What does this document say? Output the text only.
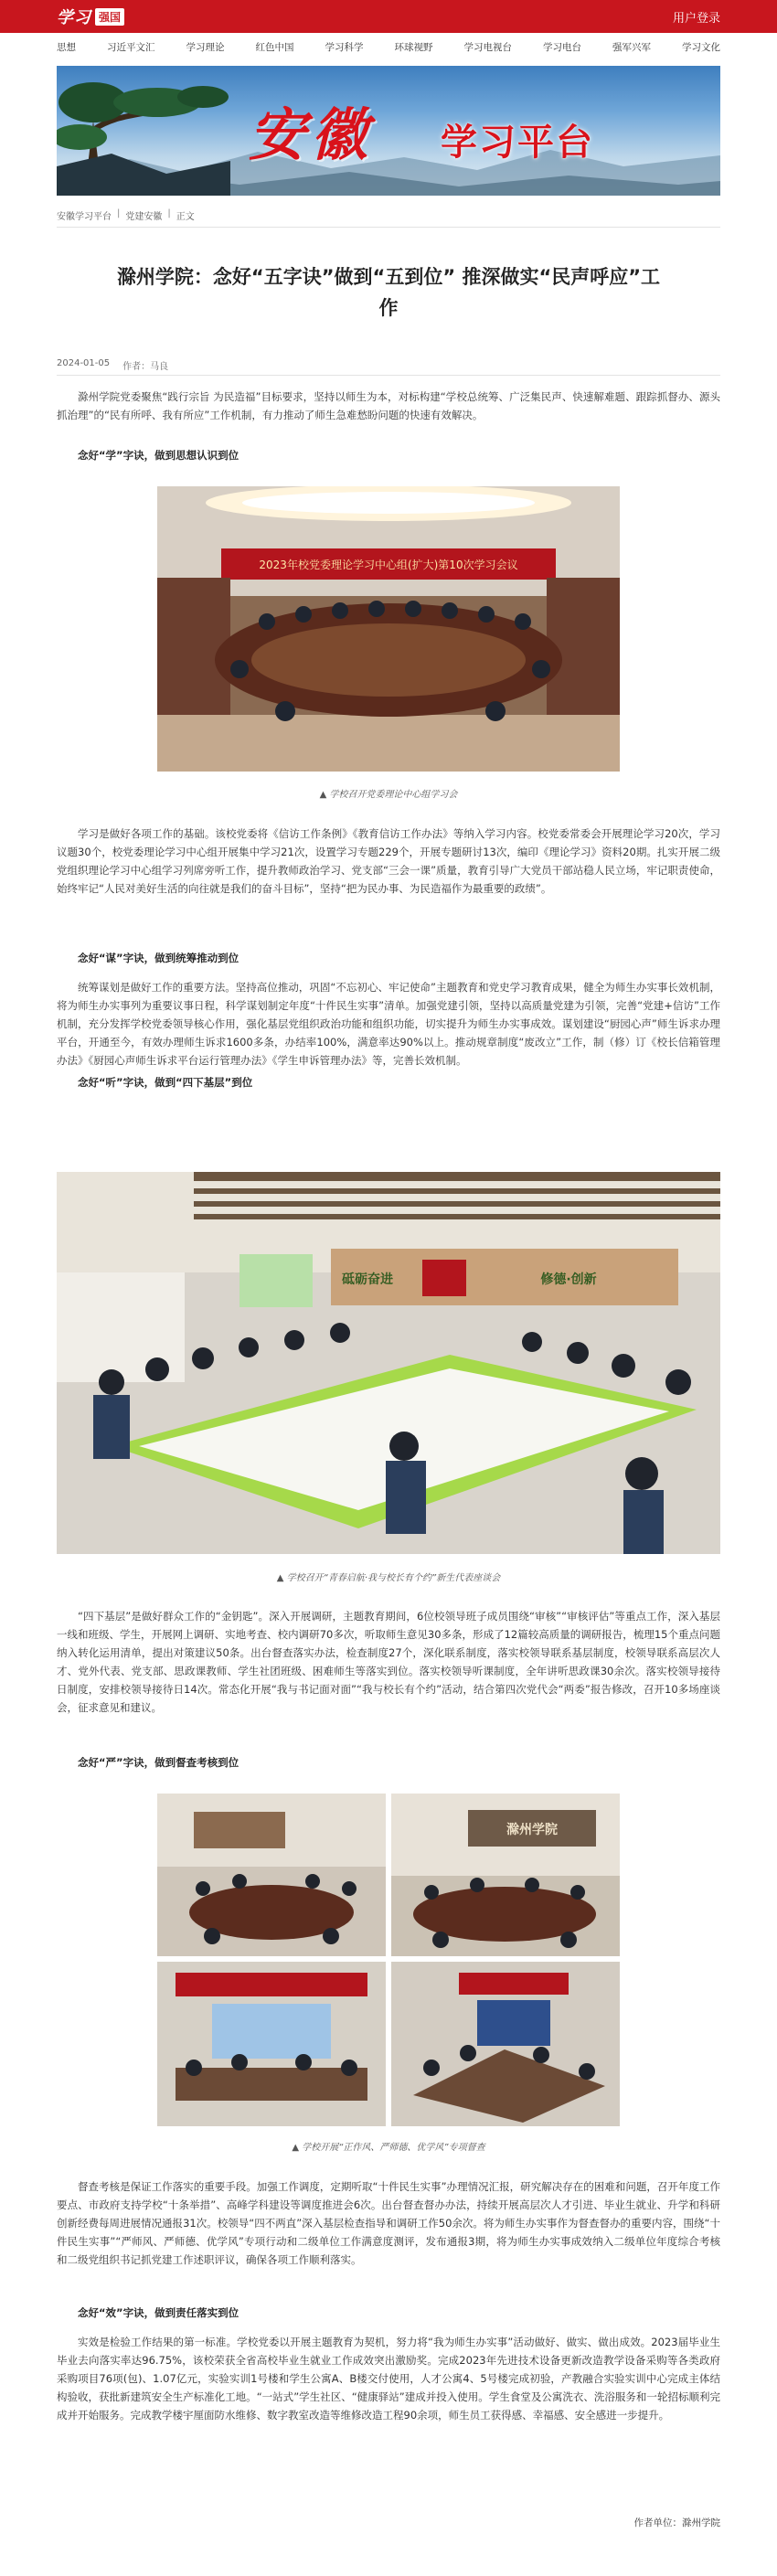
学习 强国	用户登录
思想	习近平文汇	学习理论	红色中国	学习科学	环球视野	学习电视台	学习电台	强军兴军	学习文化
安徽 学习平台
安徽学习平台 | 党建安徽 | 正文
滁州学院：念好“五字诀”做到“五到位” 推深做实“民声呼应”工作
2024-01-05 作者：马良

滁州学院党委聚焦“践行宗旨 为民造福”目标要求，坚持以师生为本，对标构建“学校总统筹、广泛集民声、快速解难题、跟踪抓督办、源头抓治理”的“民有所呼、我有所应”工作机制，有力推动了师生急难愁盼问题的快速有效解决。

念好“学”字诀，做到思想认识到位
2023年校党委理论学习中心组(扩大)第10次学习会议
▲ 学校召开党委理论中心组学习会

学习是做好各项工作的基础。该校党委将《信访工作条例》《教育信访工作办法》等纳入学习内容。校党委常委会开展理论学习20次，学习议题30个，校党委理论学习中心组开展集中学习21次，设置学习专题229个，开展专题研讨13次，编印《理论学习》资料20期。扎实开展二级党组织理论学习中心组学习列席旁听工作，提升教师政治学习、党支部“三会一课”质量，教育引导广大党员干部站稳人民立场，牢记职责使命，始终牢记“人民对美好生活的向往就是我们的奋斗目标”，坚持“把为民办事、为民造福作为最重要的政绩”。

念好“谋”字诀，做到统筹推动到位

统筹谋划是做好工作的重要方法。坚持高位推动，巩固“不忘初心、牢记使命”主题教育和党史学习教育成果，健全为师生办实事长效机制，将为师生办实事列为重要议事日程，科学谋划制定年度“十件民生实事”清单。加强党建引领，坚持以高质量党建为引领，完善“党建+信访”工作机制，充分发挥学校党委领导核心作用，强化基层党组织政治功能和组织功能，切实提升为师生办实事成效。谋划建设“厨园心声”师生诉求办理平台，开通至今，有效办理师生诉求1600多条，办结率100%，满意率达90%以上。推动规章制度“废改立”工作，制（修）订《校长信箱管理办法》《厨园心声师生诉求平台运行管理办法》《学生申诉管理办法》等，完善长效机制。

念好“听”字诀，做到“四下基层”到位
砥砺奋进	修德·创新
▲ 学校召开“青春启航·我与校长有个约”新生代表座谈会

“四下基层”是做好群众工作的“金钥匙”。深入开展调研，主题教育期间，6位校领导班子成员围绕“审核”“审核评估”等重点工作，深入基层一线和班级、学生，开展网上调研、实地考查、校内调研70多次，听取师生意见30多条，形成了12篇较高质量的调研报告，梳理15个重点问题纳入转化运用清单，提出对策建议50条。出台督查落实办法，检查制度27个，深化联系制度，落实校领导联系基层制度，校领导联系高层次人才、党外代表、党支部、思政课教师、学生社团班级、困难师生等落实到位。落实校领导听课制度，全年讲听思政课30余次。落实校领导接待日制度，安排校领导接待日14次。常态化开展“我与书记面对面”“我与校长有个约”活动，结合第四次党代会“两委”报告修改，召开10多场座谈会，征求意见和建议。

念好“严”字诀，做到督查考核到位
滁州学院
▲ 学校开展“正作风、严师德、优学风”专项督查

督查考核是保证工作落实的重要手段。加强工作调度，定期听取“十件民生实事”办理情况汇报，研究解决存在的困难和问题，召开年度工作要点、市政府支持学校“十条举措”、高峰学科建设等调度推进会6次。出台督查督办办法，持续开展高层次人才引进、毕业生就业、升学和科研创新经费每周进展情况通报31次。校领导“四不两直”深入基层检查指导和调研工作50余次。将为师生办实事作为督查督办的重要内容，围绕“十件民生实事”“严师风、严师德、优学风”专项行动和二级单位工作满意度测评，发布通报3期，将为师生办实事成效纳入二级单位年度综合考核和二级党组织书记抓党建工作述职评议，确保各项工作顺利落实。

念好“效”字诀，做到责任落实到位

实效是检验工作结果的第一标准。学校党委以开展主题教育为契机，努力将“我为师生办实事”活动做好、做实、做出成效。2023届毕业生毕业去向落实率达96.75%，该校荣获全省高校毕业生就业工作成效突出激励奖。完成2023年先进技术设备更新改造教学设备采购等各类政府采购项目76项(包)、1.07亿元，实验实训1号楼和学生公寓A、B楼交付使用，人才公寓4、5号楼完成初验，产教融合实验实训中心完成主体结构验收，获批新建筑安全生产标准化工地。“一站式”学生社区、“健康驿站”建成并投入使用。学生食堂及公寓洗衣、洗浴服务和一轮招标顺利完成并开始服务。完成教学楼宇厘面防水维修、数字教室改造等维修改造工程90余项，师生员工获得感、幸福感、安全感进一步提升。

作者单位：滁州学院
